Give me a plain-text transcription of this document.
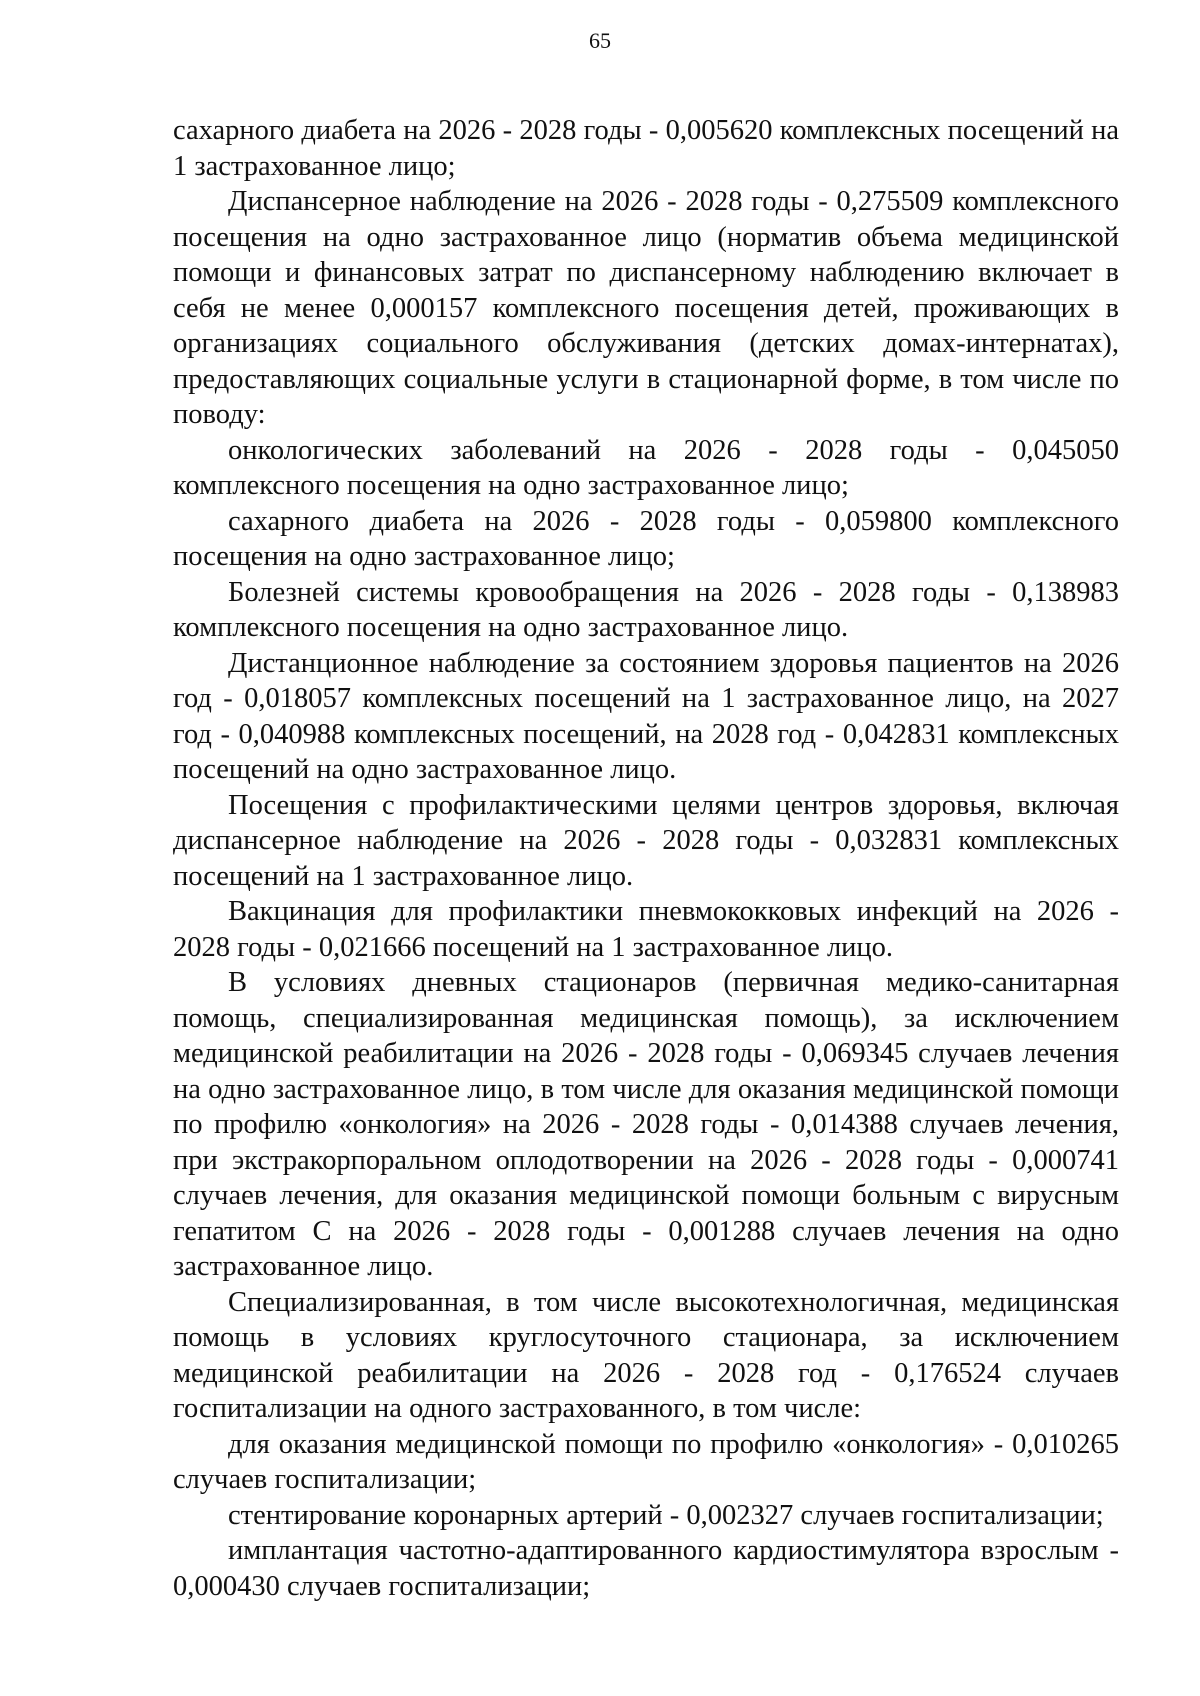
65

сахарного диабета на 2026 - 2028 годы - 0,005620 комплексных посещений на 1 застрахованное лицо;

Диспансерное наблюдение на 2026 - 2028 годы - 0,275509 комплексного посещения на одно застрахованное лицо (норматив объема медицинской помощи и финансовых затрат по диспансерному наблюдению включает в себя не менее 0,000157 комплексного посещения детей, проживающих в организациях социального обслуживания (детских домах-интернатах), предоставляющих социальные услуги в стационарной форме, в том числе по поводу:

онкологических заболеваний на 2026 - 2028 годы - 0,045050 комплексного посещения на одно застрахованное лицо;

сахарного диабета на 2026 - 2028 годы - 0,059800 комплексного посещения на одно застрахованное лицо;

Болезней системы кровообращения на 2026 - 2028 годы - 0,138983 комплексного посещения на одно застрахованное лицо.

Дистанционное наблюдение за состоянием здоровья пациентов на 2026 год - 0,018057 комплексных посещений на 1 застрахованное лицо, на 2027 год - 0,040988 комплексных посещений, на 2028 год - 0,042831 комплексных посещений на одно застрахованное лицо.

Посещения с профилактическими целями центров здоровья, включая диспансерное наблюдение на 2026 - 2028 годы - 0,032831 комплексных посещений на 1 застрахованное лицо.

Вакцинация для профилактики пневмококковых инфекций на 2026 - 2028 годы - 0,021666 посещений на 1 застрахованное лицо.

В условиях дневных стационаров (первичная медико-санитарная помощь, специализированная медицинская помощь), за исключением медицинской реабилитации на 2026 - 2028 годы - 0,069345 случаев лечения на одно застрахованное лицо, в том числе для оказания медицинской помощи по профилю «онкология» на 2026 - 2028 годы - 0,014388 случаев лечения, при экстракорпоральном оплодотворении на 2026 - 2028 годы - 0,000741 случаев лечения, для оказания медицинской помощи больным с вирусным гепатитом С на 2026 - 2028 годы - 0,001288 случаев лечения на одно застрахованное лицо.

Специализированная, в том числе высокотехнологичная, медицинская помощь в условиях круглосуточного стационара, за исключением медицинской реабилитации на 2026 - 2028 год - 0,176524 случаев госпитализации на одного застрахованного, в том числе:

для оказания медицинской помощи по профилю «онкология» - 0,010265 случаев госпитализации;

стентирование коронарных артерий - 0,002327 случаев госпитализации;

имплантация частотно-адаптированного кардиостимулятора взрослым - 0,000430 случаев госпитализации;
